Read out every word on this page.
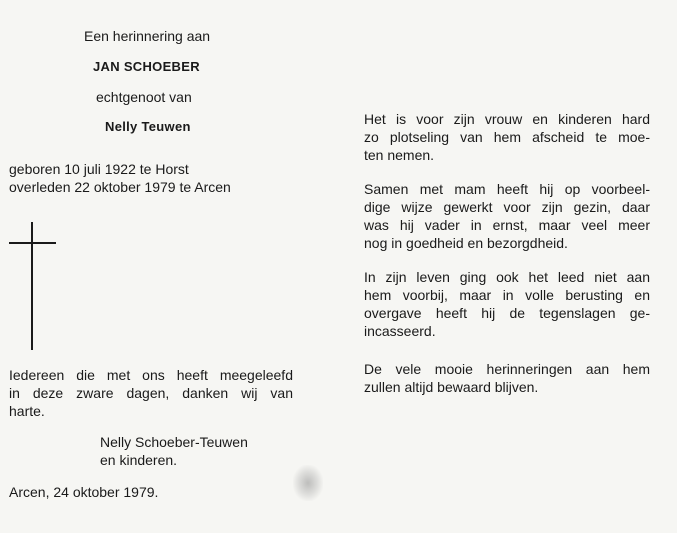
Een herinnering aan
JAN SCHOEBER
echtgenoot van
Nelly Teuwen
geboren 10 juli 1922 te Horst
overleden 22 oktober 1979 te Arcen
Iedereen die met ons heeft meegeleefd
in deze zware dagen, danken wij van
harte.
Nelly Schoeber-Teuwen
en kinderen.
Arcen, 24 oktober 1979.
Het is voor zijn vrouw en kinderen hard
zo plotseling van hem afscheid te moe-
ten nemen.
Samen met mam heeft hij op voorbeel-
dige wijze gewerkt voor zijn gezin, daar
was hij vader in ernst, maar veel meer
nog in goedheid en bezorgdheid.
In zijn leven ging ook het leed niet aan
hem voorbij, maar in volle berusting en
overgave heeft hij de tegenslagen ge-
incasseerd.
De vele mooie herinneringen aan hem
zullen altijd bewaard blijven.
